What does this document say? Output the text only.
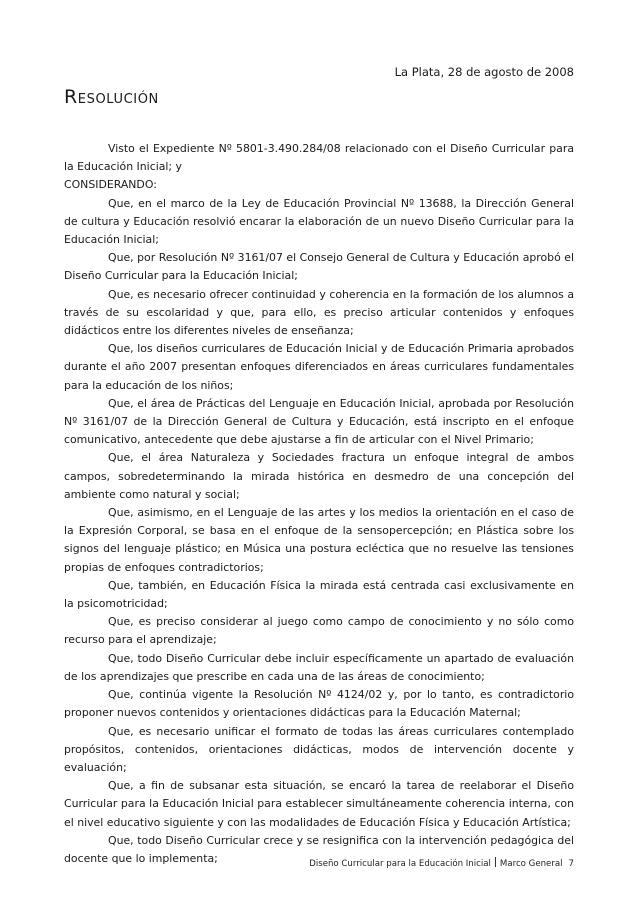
La Plata, 28 de agosto de 2008
Resolución

Visto el Expediente Nº 5801-3.490.284/08 relacionado con el Diseño Curricular para la Educación Inicial; y

CONSIDERANDO:

Que, en el marco de la Ley de Educación Provincial Nº 13688, la Dirección General de cultura y Educación resolvió encarar la elaboración de un nuevo Diseño Curricular para la Educación Inicial;

Que, por Resolución Nº 3161/07 el Consejo General de Cultura y Educación aprobó el Diseño Curricular para la Educación Inicial;

Que, es necesario ofrecer continuidad y coherencia en la formación de los alumnos a través de su escolaridad y que, para ello, es preciso articular contenidos y enfoques didácticos entre los diferentes niveles de enseñanza;

Que, los diseños curriculares de Educación Inicial y de Educación Primaria aprobados durante el año 2007 presentan enfoques diferenciados en áreas curriculares fundamentales para la educación de los niños;

Que, el área de Prácticas del Lenguaje en Educación Inicial, aprobada por Resolución Nº 3161/07 de la Dirección General de Cultura y Educación, está inscripto en el enfoque comunicativo, antecedente que debe ajustarse a fin de articular con el Nivel Primario;

Que, el área Naturaleza y Sociedades fractura un enfoque integral de ambos campos, sobredeterminando la mirada histórica en desmedro de una concepción del ambiente como natural y social;

Que, asimismo, en el Lenguaje de las artes y los medios la orientación en el caso de la Expresión Corporal, se basa en el enfoque de la sensopercepción; en Plástica sobre los signos del lenguaje plástico; en Música una postura ecléctica que no resuelve las tensiones propias de enfoques contradictorios;

Que, también, en Educación Física la mirada está centrada casi exclusivamente en la psicomotricidad;

Que, es preciso considerar al juego como campo de conocimiento y no sólo como recurso para el aprendizaje;

Que, todo Diseño Curricular debe incluir específicamente un apartado de evaluación de los aprendizajes que prescribe en cada una de las áreas de conocimiento;

Que, continúa vigente la Resolución Nº 4124/02 y, por lo tanto, es contradictorio proponer nuevos contenidos y orientaciones didácticas para la Educación Maternal;

Que, es necesario unificar el formato de todas las áreas curriculares contemplado propósitos, contenidos, orientaciones didácticas, modos de intervención docente y evaluación;

Que, a fin de subsanar esta situación, se encaró la tarea de reelaborar el Diseño Curricular para la Educación Inicial para establecer simultáneamente coherencia interna, con el nivel educativo siguiente y con las modalidades de Educación Física y Educación Artística;

Que, todo Diseño Curricular crece y se resignifica con la intervención pedagógica del docente que lo implementa;	Diseño Curricular para la Educación Inicial Marco General 7
